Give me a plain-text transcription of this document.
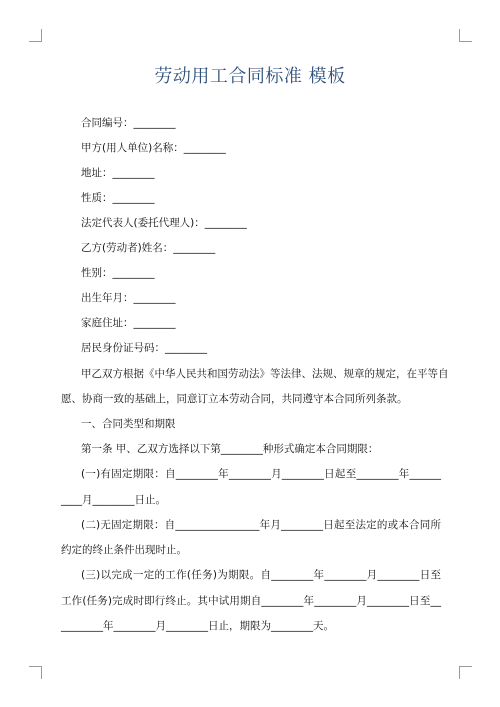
劳动用工合同标准 模板
合同编号：________
甲方(用人单位)名称：________
地址：________
性质：________
法定代表人(委托代理人)：________
乙方(劳动者)姓名：________
性别：________
出生年月：________
家庭住址：________
居民身份证号码：________
甲乙双方根据《中华人民共和国劳动法》等法律、法规、规章的规定，在平等自
愿、协商一致的基础上，同意订立本劳动合同，共同遵守本合同所列条款。
一、合同类型和期限
第一条 甲、乙双方选择以下第________种形式确定本合同期限：
(一)有固定期限：自________年________月________日起至________年______
____月________日止。
(二)无固定期限：自________________年月________日起至法定的或本合同所
约定的终止条件出现时止。
(三)以完成一定的工作(任务)为期限。自________年________月________日至
工作(任务)完成时即行终止。其中试用期自________年________月________日至__
________年________月________日止，期限为________天。
